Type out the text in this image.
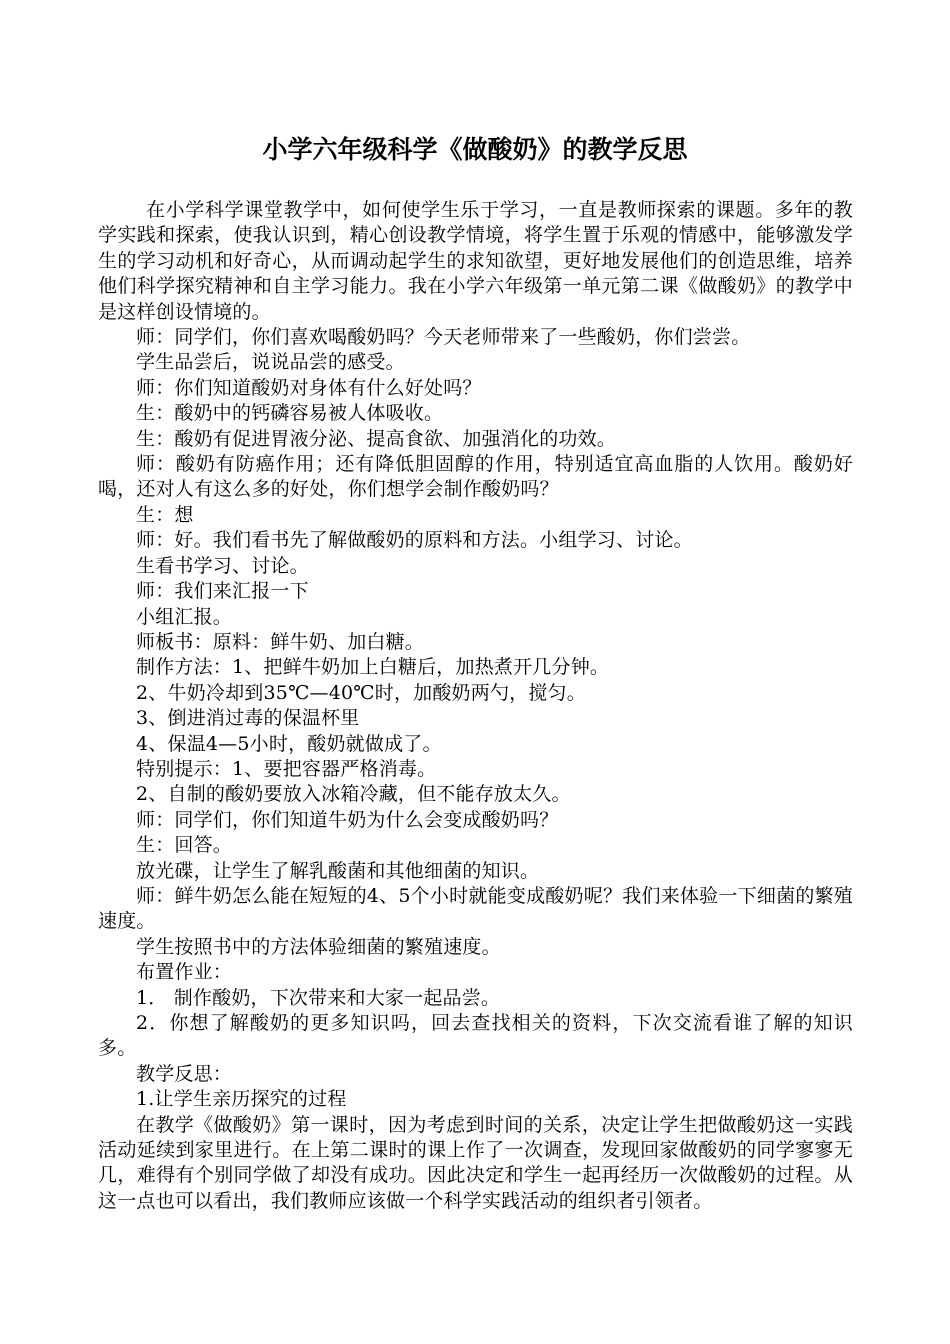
小学六年级科学《做酸奶》的教学反思

在小学科学课堂教学中，如何使学生乐于学习，一直是教师探索的课题。多年的教学实践和探索，使我认识到，精心创设教学情境，将学生置于乐观的情感中，能够激发学生的学习动机和好奇心，从而调动起学生的求知欲望，更好地发展他们的创造思维，培养他们科学探究精神和自主学习能力。我在小学六年级第一单元第二课《做酸奶》的教学中是这样创设情境的。

师：同学们，你们喜欢喝酸奶吗？今天老师带来了一些酸奶，你们尝尝。

学生品尝后，说说品尝的感受。

师：你们知道酸奶对身体有什么好处吗？

生：酸奶中的钙磷容易被人体吸收。

生：酸奶有促进胃液分泌、提高食欲、加强消化的功效。

师：酸奶有防癌作用；还有降低胆固醇的作用，特别适宜高血脂的人饮用。酸奶好喝，还对人有这么多的好处，你们想学会制作酸奶吗？

生：想

师：好。我们看书先了解做酸奶的原料和方法。小组学习、讨论。

生看书学习、讨论。

师：我们来汇报一下

小组汇报。

师板书：原料：鲜牛奶、加白糖。

制作方法：1、把鲜牛奶加上白糖后，加热煮开几分钟。

2、牛奶冷却到35℃—40℃时，加酸奶两勺，搅匀。

3、倒进消过毒的保温杯里

4、保温4—5小时，酸奶就做成了。

特别提示：1、要把容器严格消毒。

2、自制的酸奶要放入冰箱冷藏，但不能存放太久。

师：同学们，你们知道牛奶为什么会变成酸奶吗？

生：回答。

放光碟，让学生了解乳酸菌和其他细菌的知识。

师：鲜牛奶怎么能在短短的4、5个小时就能变成酸奶呢？我们来体验一下细菌的繁殖速度。

学生按照书中的方法体验细菌的繁殖速度。

布置作业：

1． 制作酸奶，下次带来和大家一起品尝。

2．你想了解酸奶的更多知识吗，回去查找相关的资料，下次交流看谁了解的知识多。

教学反思：

1.让学生亲历探究的过程

在教学《做酸奶》第一课时，因为考虑到时间的关系，决定让学生把做酸奶这一实践活动延续到家里进行。在上第二课时的课上作了一次调查，发现回家做酸奶的同学寥寥无几，难得有个别同学做了却没有成功。因此决定和学生一起再经历一次做酸奶的过程。从这一点也可以看出，我们教师应该做一个科学实践活动的组织者引领者。
